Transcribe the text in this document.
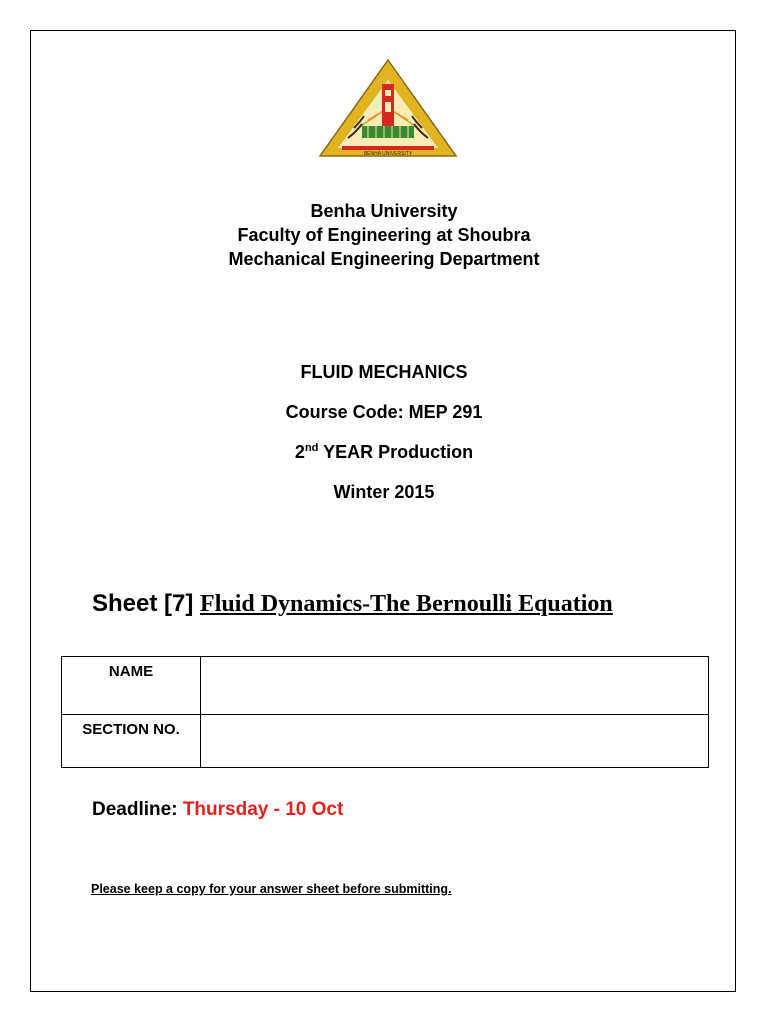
BENHA UNIVERSITY
Benha University
Faculty of Engineering at Shoubra
Mechanical Engineering Department
FLUID MECHANICS
Course Code: MEP 291
2nd YEAR Production
Winter 2015
Sheet [7] Fluid Dynamics-The Bernoulli Equation
NAME	
SECTION NO.	
Deadline: Thursday - 10 Oct
Please keep a copy for your answer sheet before submitting.
